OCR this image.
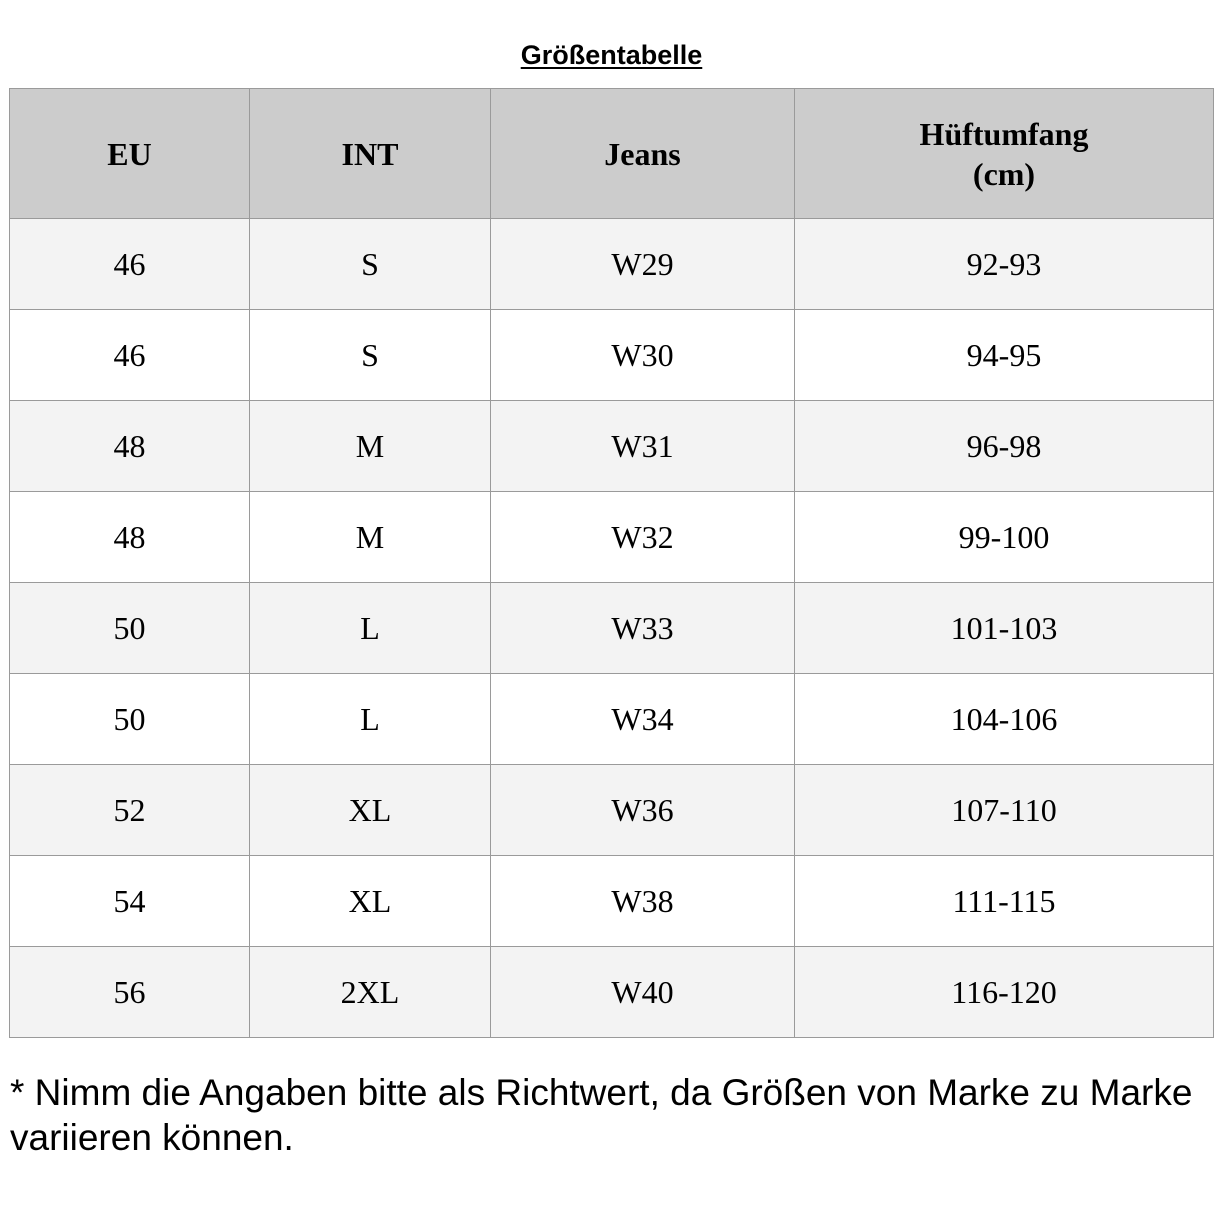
Größentabelle
EU	INT	Jeans	Hüftumfang
(cm)
46	S	W29	92-93
46	S	W30	94-95
48	M	W31	96-98
48	M	W32	99-100
50	L	W33	101-103
50	L	W34	104-106
52	XL	W36	107-110
54	XL	W38	111-115
56	2XL	W40	116-120
* Nimm die Angaben bitte als Richtwert, da Größen von Marke zu Marke variieren können.
